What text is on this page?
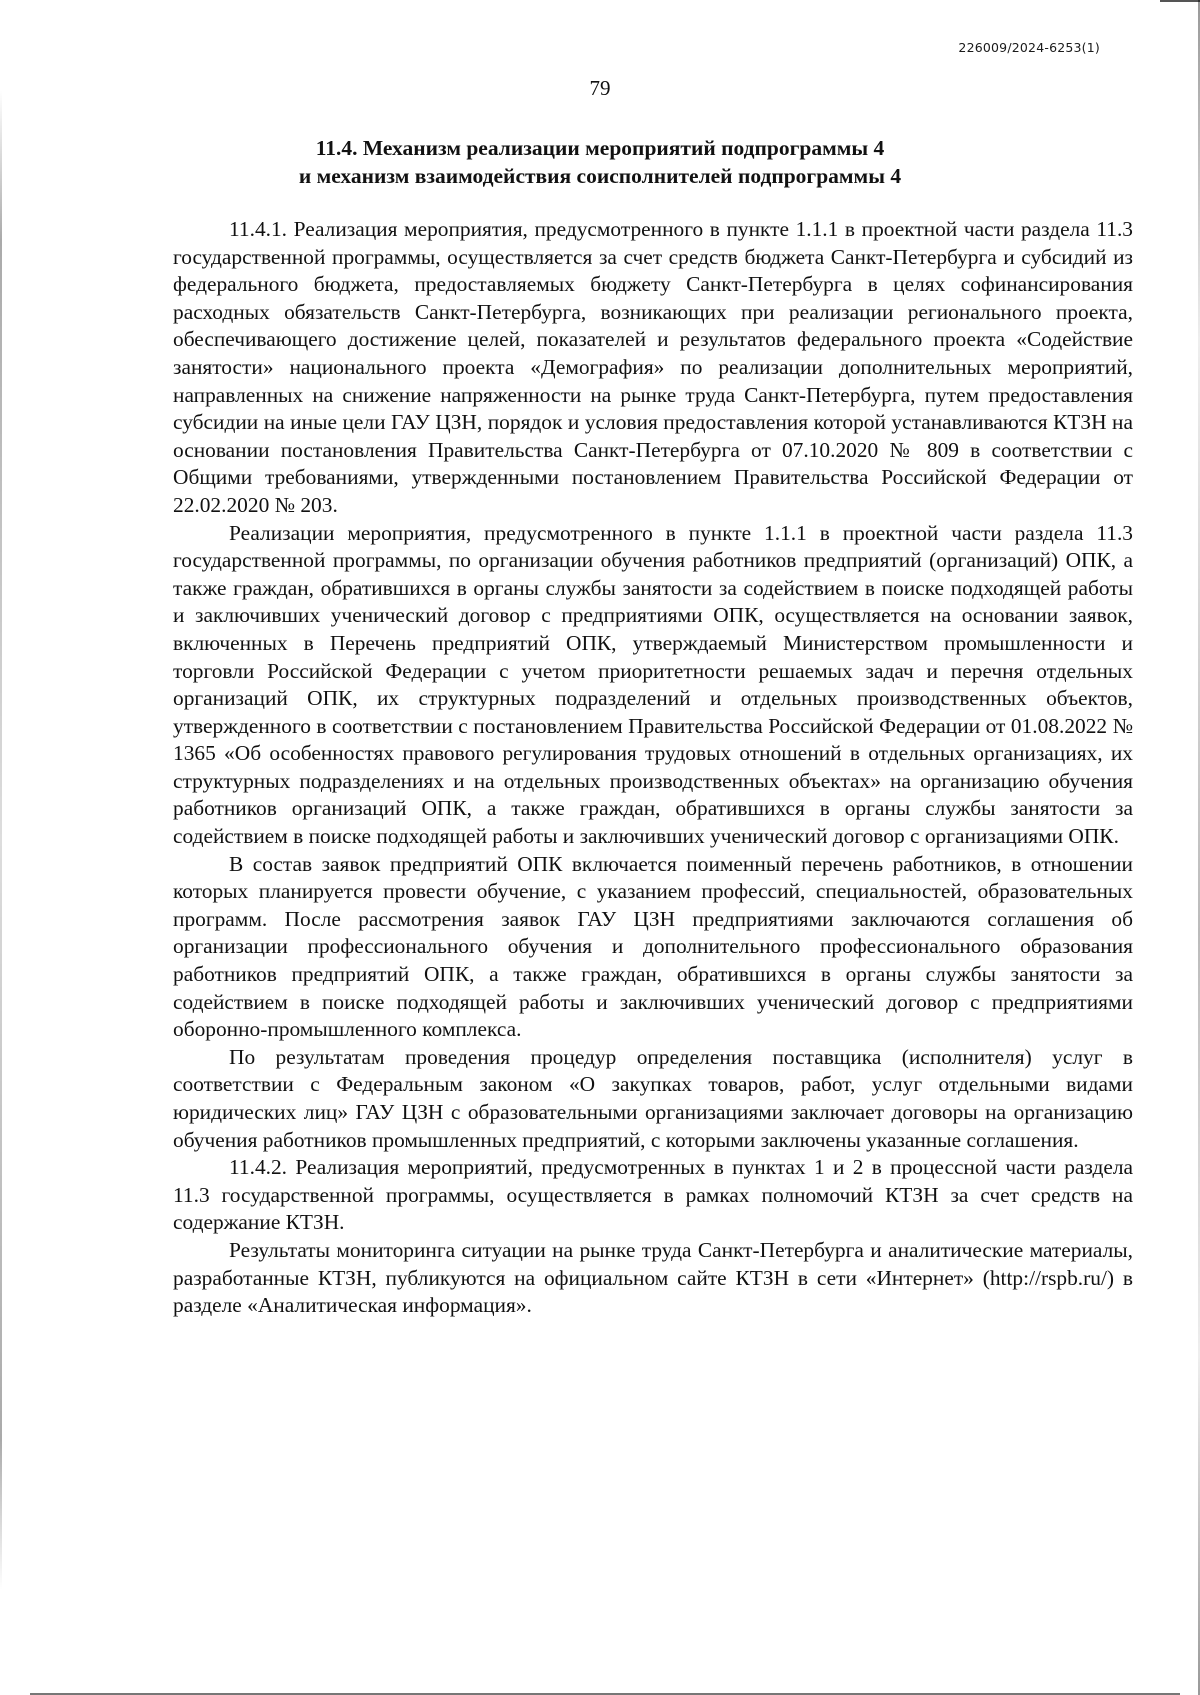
226009/2024-6253(1)
79
11.4. Механизм реализации мероприятий подпрограммы 4
и механизм взаимодействия соисполнителей подпрограммы 4

11.4.1. Реализация мероприятия, предусмотренного в пункте 1.1.1 в проектной части раздела 11.3 государственной программы, осуществляется за счет средств бюджета Санкт-Петербурга и субсидий из федерального бюджета, предоставляемых бюджету Санкт-Петербурга в целях софинансирования расходных обязательств Санкт-Петербурга, возникающих при реализации регионального проекта, обеспечивающего достижение целей, показателей и результатов федерального проекта «Содействие занятости» национального проекта «Демография» по реализации дополнительных мероприятий, направленных на снижение напряженности на рынке труда Санкт-Петербурга, путем предоставления субсидии на иные цели ГАУ ЦЗН, порядок и условия предоставления которой устанавливаются КТЗН на основании постановления Правительства Санкт-Петербурга от 07.10.2020 № 809 в соответствии с Общими требованиями, утвержденными постановлением Правительства Российской Федерации от 22.02.2020 № 203.

Реализации мероприятия, предусмотренного в пункте 1.1.1 в проектной части раздела 11.3 государственной программы, по организации обучения работников предприятий (организаций) ОПК, а также граждан, обратившихся в органы службы занятости за содействием в поиске подходящей работы и заключивших ученический договор с предприятиями ОПК, осуществляется на основании заявок, включенных в Перечень предприятий ОПК, утверждаемый Министерством промышленности и торговли Российской Федерации с учетом приоритетности решаемых задач и перечня отдельных организаций ОПК, их структурных подразделений и отдельных производственных объектов, утвержденного в соответствии с постановлением Правительства Российской Федерации от 01.08.2022 № 1365 «Об особенностях правового регулирования трудовых отношений в отдельных организациях, их структурных подразделениях и на отдельных производственных объектах» на организацию обучения работников организаций ОПК, а также граждан, обратившихся в органы службы занятости за содействием в поиске подходящей работы и заключивших ученический договор с организациями ОПК.

В состав заявок предприятий ОПК включается поименный перечень работников, в отношении которых планируется провести обучение, с указанием профессий, специальностей, образовательных программ. После рассмотрения заявок ГАУ ЦЗН предприятиями заключаются соглашения об организации профессионального обучения и дополнительного профессионального образования работников предприятий ОПК, а также граждан, обратившихся в органы службы занятости за содействием в поиске подходящей работы и заключивших ученический договор с предприятиями оборонно-промышленного комплекса.

По результатам проведения процедур определения поставщика (исполнителя) услуг в соответствии с Федеральным законом «О закупках товаров, работ, услуг отдельными видами юридических лиц» ГАУ ЦЗН с образовательными организациями заключает договоры на организацию обучения работников промышленных предприятий, с которыми заключены указанные соглашения.

11.4.2. Реализация мероприятий, предусмотренных в пунктах 1 и 2 в процессной части раздела 11.3 государственной программы, осуществляется в рамках полномочий КТЗН за счет средств на содержание КТЗН.

Результаты мониторинга ситуации на рынке труда Санкт-Петербурга и аналитические материалы, разработанные КТЗН, публикуются на официальном сайте КТЗН в сети «Интернет» (http://rspb.ru/) в разделе «Аналитическая информация».
